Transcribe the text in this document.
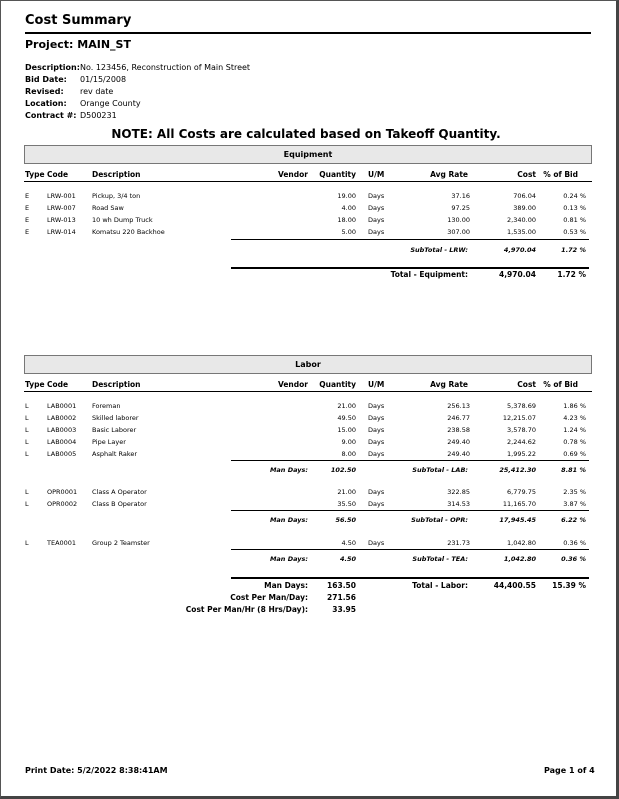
Cost Summary
Project: MAIN_ST
NOTE: All Costs are calculated based on Takeoff Quantity.
Equipment
Labor
Print Date: 5/2/2022 8:38:41AM	Page 1 of 4
Description: No. 123456, Reconstruction of Main Street
Bid Date: 01/15/2008
Revised: rev date
Location: Orange County
Contract #: D500231
Type Code	Description	Vendor	Quantity U/M	Avg Rate	Cost % of Bid
E	LRW-001 Pickup, 3/4 ton	19.00 Days	37.16	706.04	0.24 %
E	LRW-007 Road Saw	4.00 Days	97.25	389.00	0.13 %
E	LRW-013 10 wh Dump Truck	18.00 Days	130.00	2,340.00	0.81 %
E	LRW-014 Komatsu 220 Backhoe	5.00 Days	307.00	1,535.00	0.53 %
SubTotal - LRW:	4,970.04	1.72 %
Total - Equipment:	4,970.04	1.72 %
Type Code	Description	Vendor	Quantity U/M	Avg Rate	Cost % of Bid
L	LAB0001 Foreman	21.00 Days	256.13	5,378.69	1.86 %
L	LAB0002 Skilled laborer	49.50 Days	246.77	12,215.07	4.23 %
L	LAB0003 Basic Laborer	15.00 Days	238.58	3,578.70	1.24 %
L	LAB0004 Pipe Layer	9.00 Days	249.40	2,244.62	0.78 %
L	LAB0005 Asphalt Raker	8.00 Days	249.40	1,995.22	0.69 %
Man Days:	102.50	SubTotal - LAB:	25,412.30	8.81 %
L	OPR0001 Class A Operator	21.00 Days	322.85	6,779.75	2.35 %
L	OPR0002 Class B Operator	35.50 Days	314.53	11,165.70	3.87 %
Man Days:	56.50	SubTotal - OPR:	17,945.45	6.22 %
L	TEA0001 Group 2 Teamster	4.50 Days	231.73	1,042.80	0.36 %
Man Days:	4.50	SubTotal - TEA:	1,042.80	0.36 %
Man Days:	163.50
Cost Per Man/Day:	271.56
Cost Per Man/Hr (8 Hrs/Day):	33.95
Total - Labor:	44,400.55	15.39 %
